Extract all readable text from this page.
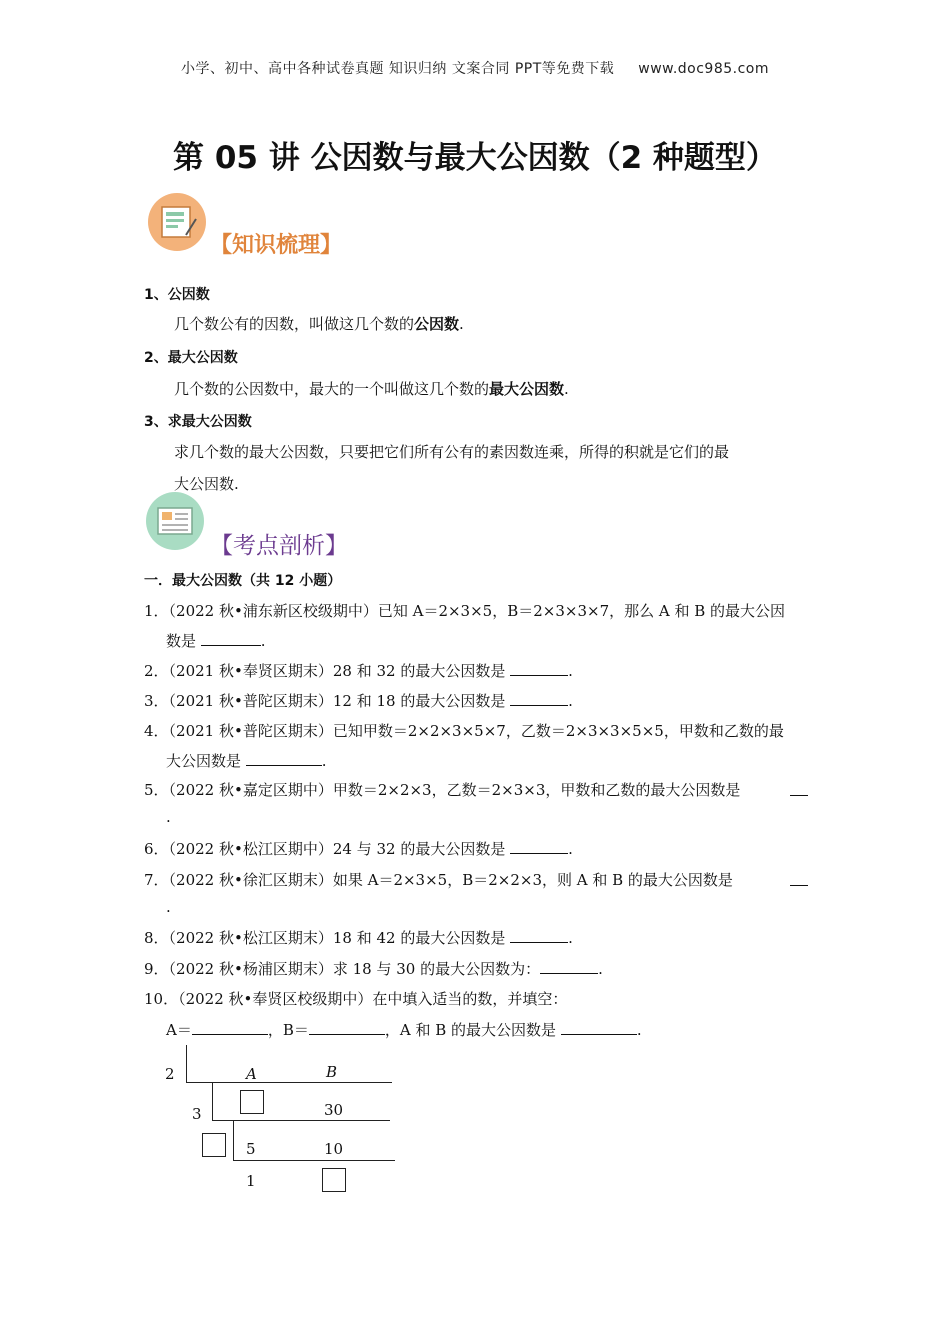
小学、初中、高中各种试卷真题 知识归纳 文案合同 PPT等免费下载 www.doc985.com
第 05 讲 公因数与最大公因数（2 种题型）
【知识梳理】
1、公因数
几个数公有的因数，叫做这几个数的公因数.
2、最大公因数
几个数的公因数中，最大的一个叫做这几个数的最大公因数.
3、求最大公因数
求几个数的最大公因数，只要把它们所有公有的素因数连乘，所得的积就是它们的最
大公因数.
【考点剖析】
一．最大公因数（共 12 小题）
1．（2022 秋•浦东新区校级期中）已知 A＝2×3×5，B＝2×3×3×7，那么 A 和 B 的最大公因
数是	.
2．（2021 秋•奉贤区期末）28 和 32 的最大公因数是	.
3．（2021 秋•普陀区期末）12 和 18 的最大公因数是	.
4．（2021 秋•普陀区期末）已知甲数＝2×2×3×5×7，乙数＝2×3×3×5×5，甲数和乙数的最
大公因数是	.
5．（2022 秋•嘉定区期中）甲数＝2×2×3，乙数＝2×3×3，甲数和乙数的最大公因数是
.
6．（2022 秋•松江区期中）24 与 32 的最大公因数是	.
7．（2022 秋•徐汇区期末）如果 A＝2×3×5，B＝2×2×3，则 A 和 B 的最大公因数是
.
8．（2022 秋•松江区期末）18 和 42 的最大公因数是	.
9．（2022 秋•杨浦区期末）求 18 与 30 的最大公因数为：	.
10．（2022 秋•奉贤区校级期中）在中填入适当的数，并填空：
A＝	，B＝	，A 和 B 的最大公因数是	.
2	A	B
3	30
5	10
1
